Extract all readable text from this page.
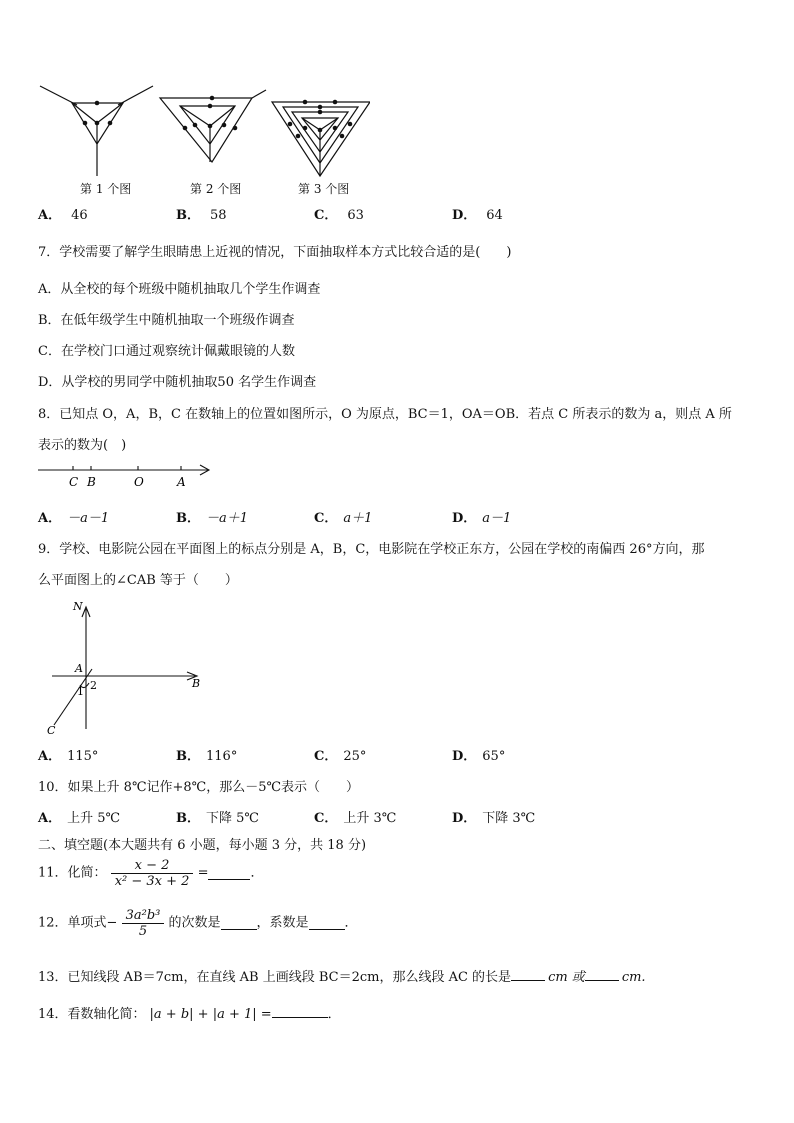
第 1 个图	第 2 个图	第 3 个图
A． 46	B． 58	C． 63	D． 64
7．学校需要了解学生眼睛患上近视的情况，下面抽取样本方式比较合适的是(　　)
A．从全校的每个班级中随机抽取几个学生作调查
B．在低年级学生中随机抽取一个班级作调查
C．在学校门口通过观察统计佩戴眼镜的人数
D．从学校的男同学中随机抽取50 名学生作调查
8．已知点 O，A，B，C 在数轴上的位置如图所示，O 为原点，BC＝1，OA＝OB．若点 C 所表示的数为 a，则点 A 所
表示的数为(　)
C B	O	A
A． －a－1	B． －a＋1	C． a＋1	D． a－1
9．学校、电影院公园在平面图上的标点分别是 A，B，C，电影院在学校正东方，公园在学校的南偏西 26°方向，那
么平面图上的∠CAB 等于（　　）
N
A
B
C
1 2
A． 115°	B． 116°	C． 25°	D． 65°
10．如果上升 8℃记作+8℃，那么－5℃表示（　　）
A． 上升 5℃	B． 下降 5℃	C． 上升 3℃	D． 下降 3℃
二、填空题(本大题共有 6 小题，每小题 3 分，共 18 分)
11．化简： $\frac{x - 2}{\text{x² − 3x + 2}}$ =	．
12．单项式− $\frac{\text{3a²b³}}{5}$ 的次数是	，系数是	．
13．已知线段 AB＝7cm，在直线 AB 上画线段 BC＝2cm，那么线段 AC 的长是	cm 或	cm.
14．看数轴化简： |a + b| + |a + 1| =	．
